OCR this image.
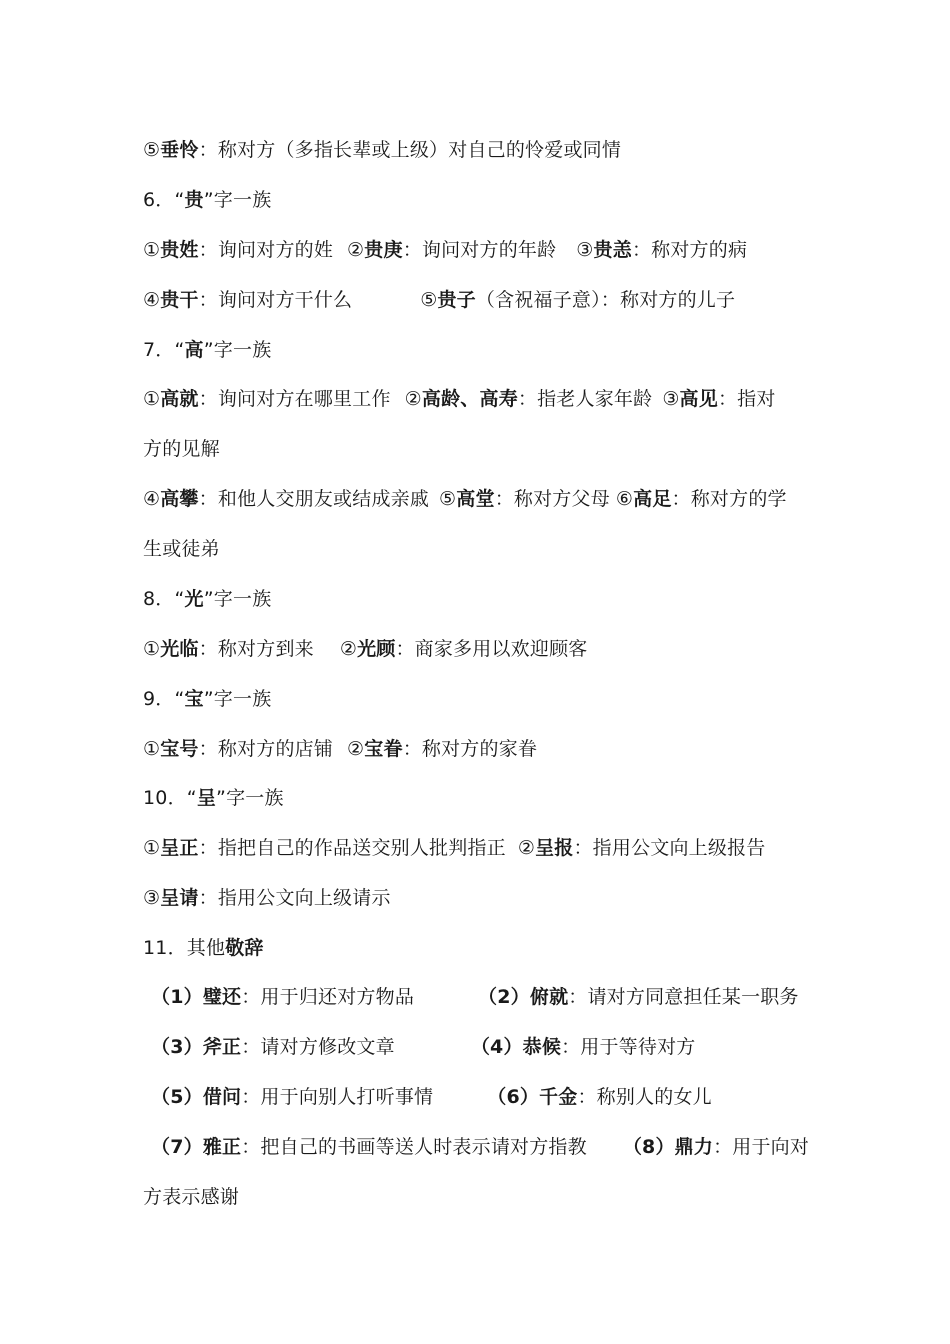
⑤垂怜：称对方（多指长辈或上级）对自己的怜爱或同情
6．“贵”字一族
①贵姓：询问对方的姓 ②贵庚：询问对方的年龄 ③贵恙：称对方的病
④贵干：询问对方干什么	⑤贵子（含祝福子意）：称对方的儿子
7．“高”字一族
①高就：询问对方在哪里工作 ②高龄、高寿：指老人家年龄 ③高见：指对
方的见解
④高攀：和他人交朋友或结成亲戚 ⑤高堂：称对方父母 ⑥高足：称对方的学
生或徒弟
8．“光”字一族
①光临：称对方到来 ②光顾：商家多用以欢迎顾客
9．“宝”字一族
①宝号：称对方的店铺 ②宝眷：称对方的家眷
10．“呈”字一族
①呈正：指把自己的作品送交别人批判指正 ②呈报：指用公文向上级报告
③呈请：指用公文向上级请示
11．其他敬辞
（1）璧还：用于归还对方物品	（2）俯就：请对方同意担任某一职务
（3）斧正：请对方修改文章	（4）恭候：用于等待对方
（5）借问：用于向别人打听事情	（6）千金：称别人的女儿
（7）雅正：把自己的书画等送人时表示请对方指教 （8）鼎力：用于向对
方表示感谢
